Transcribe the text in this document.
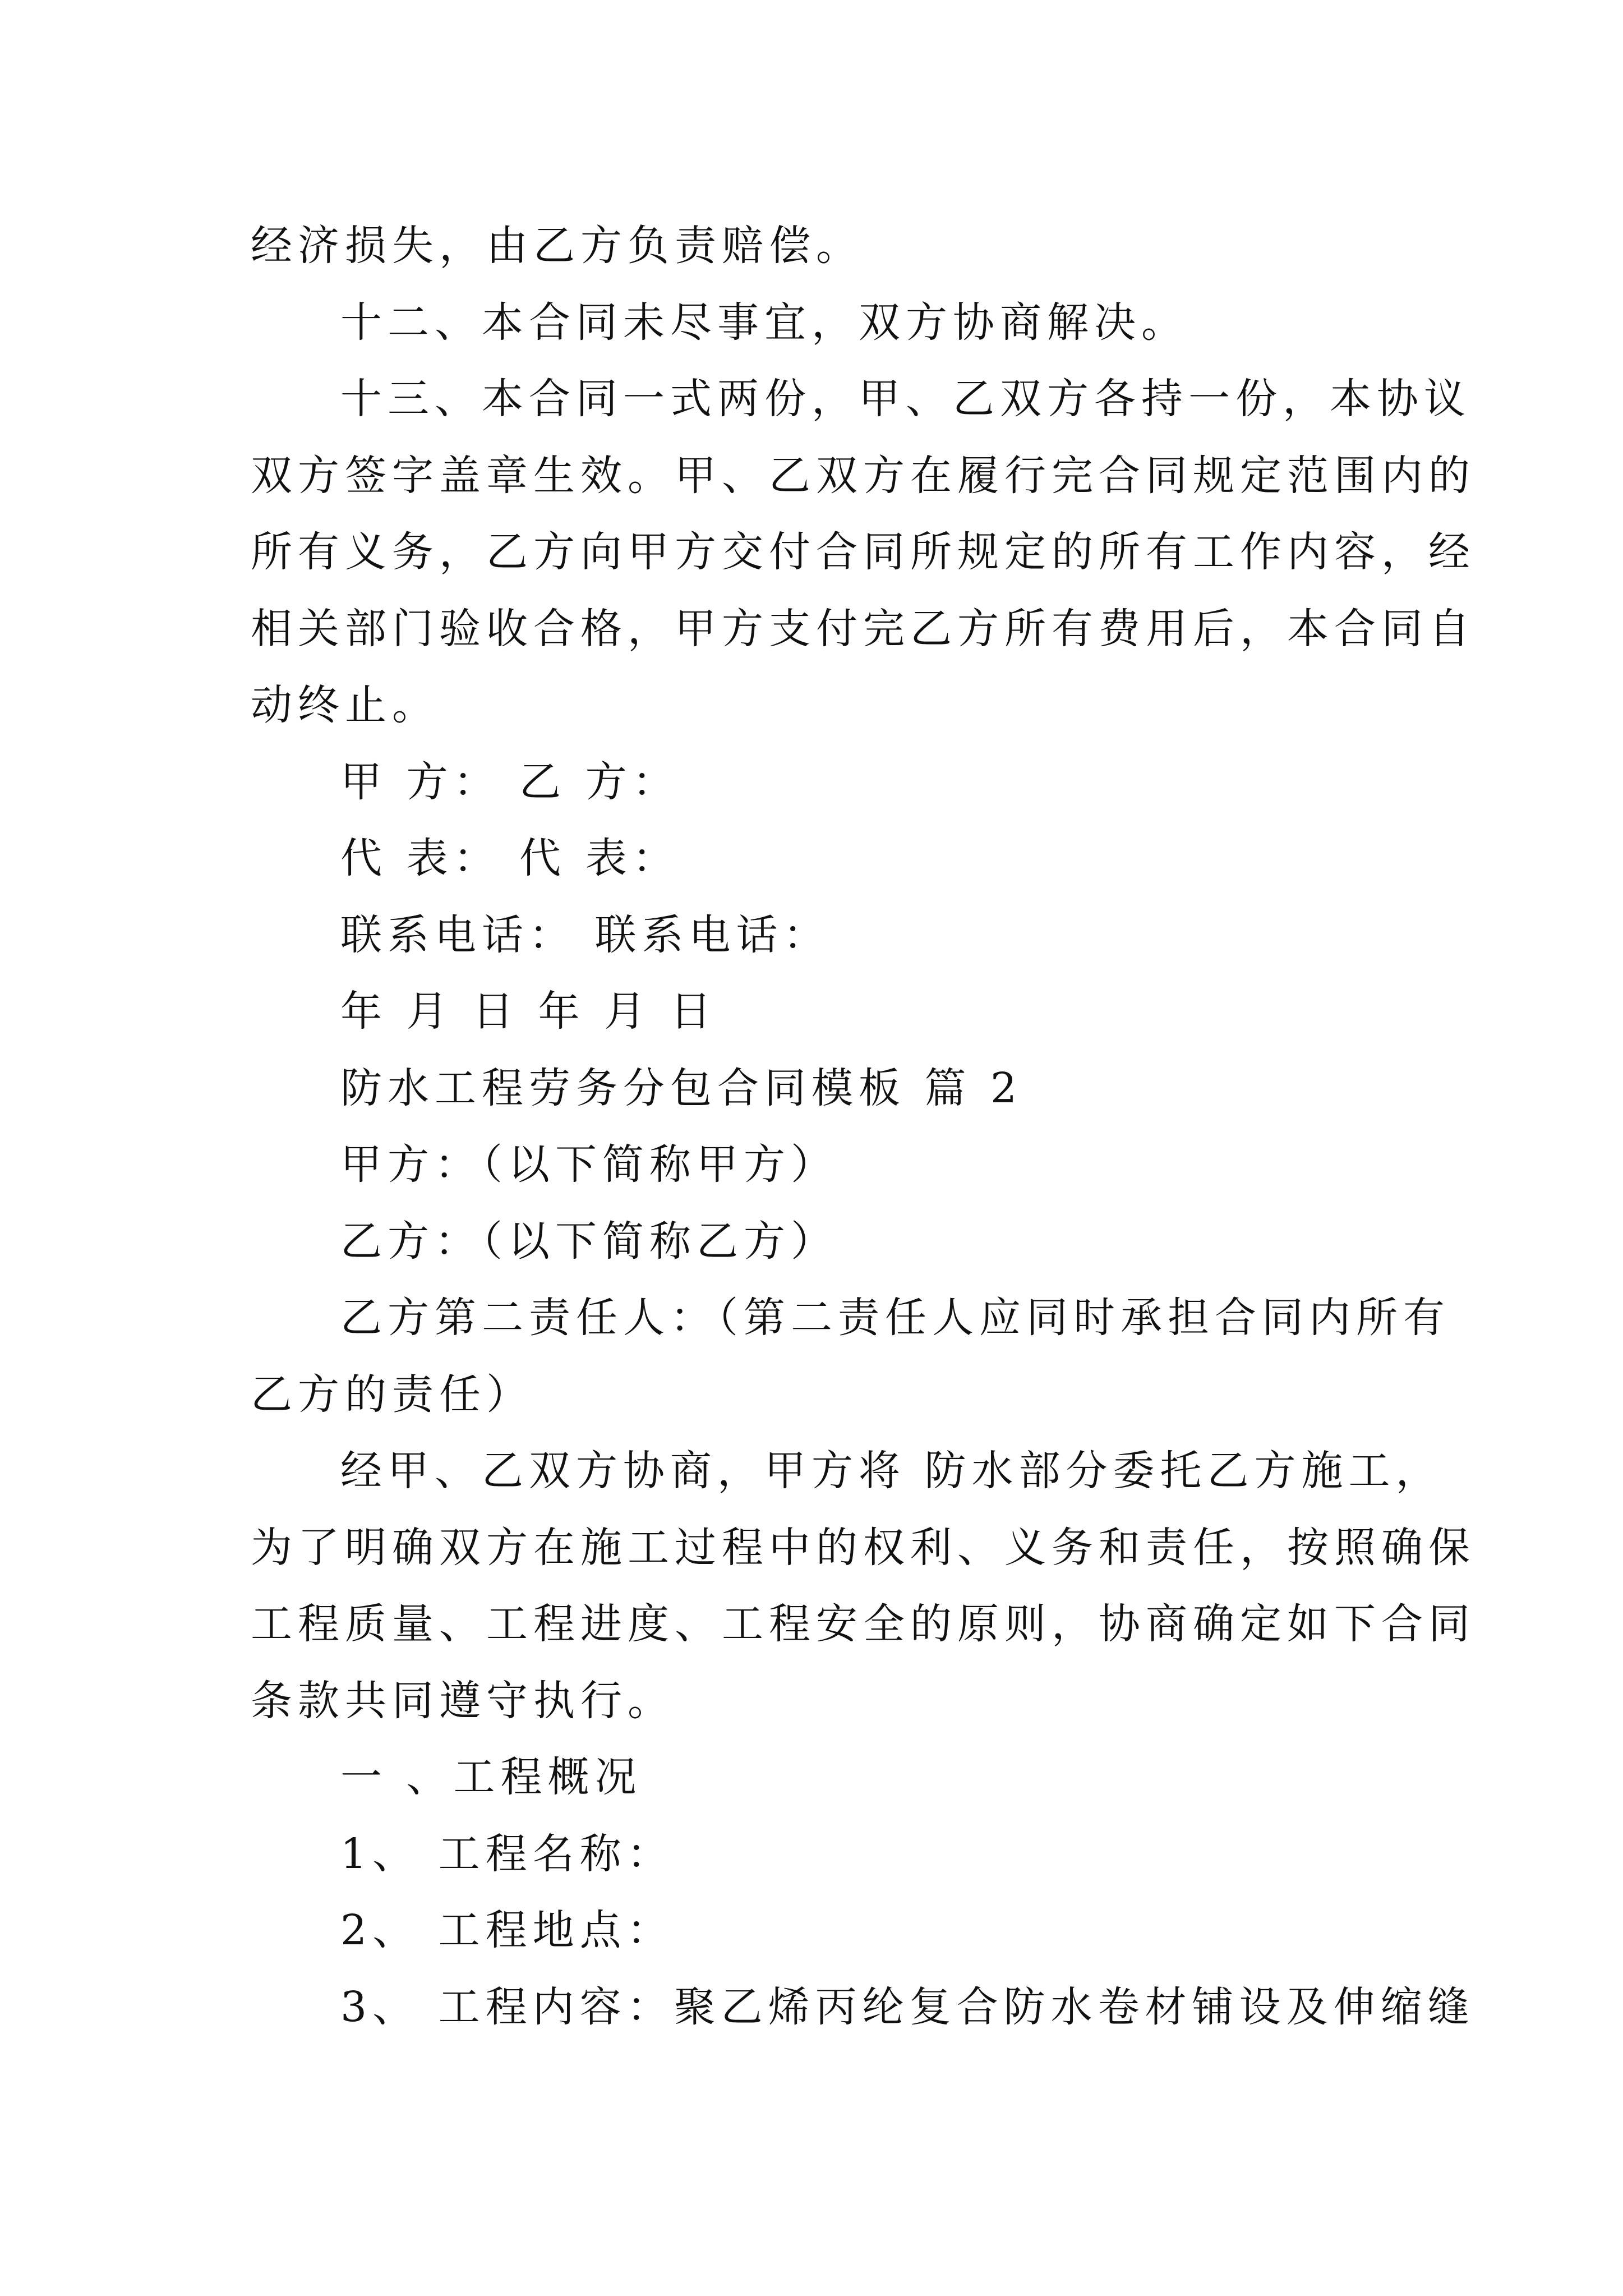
经济损失，由乙方负责赔偿。
十二、本合同未尽事宜，双方协商解决。
十三、本合同一式两份，甲、乙双方各持一份，本协议
双方签字盖章生效。甲、乙双方在履行完合同规定范围内的
所有义务，乙方向甲方交付合同所规定的所有工作内容，经
相关部门验收合格，甲方支付完乙方所有费用后，本合同自
动终止。
甲 方： 乙 方：
代 表： 代 表：
联系电话： 联系电话：
年 月 日 年 月 日
防水工程劳务分包合同模板 篇 2
甲方：（以下简称甲方）
乙方：（以下简称乙方）
乙方第二责任人：（第二责任人应同时承担合同内所有
乙方的责任）
经甲、乙双方协商，甲方将 防水部分委托乙方施工，
为了明确双方在施工过程中的权利、义务和责任，按照确保
工程质量、工程进度、工程安全的原则，协商确定如下合同
条款共同遵守执行。
一 、工程概况
1、 工程名称：
2、 工程地点：
3、 工程内容：聚乙烯丙纶复合防水卷材铺设及伸缩缝
